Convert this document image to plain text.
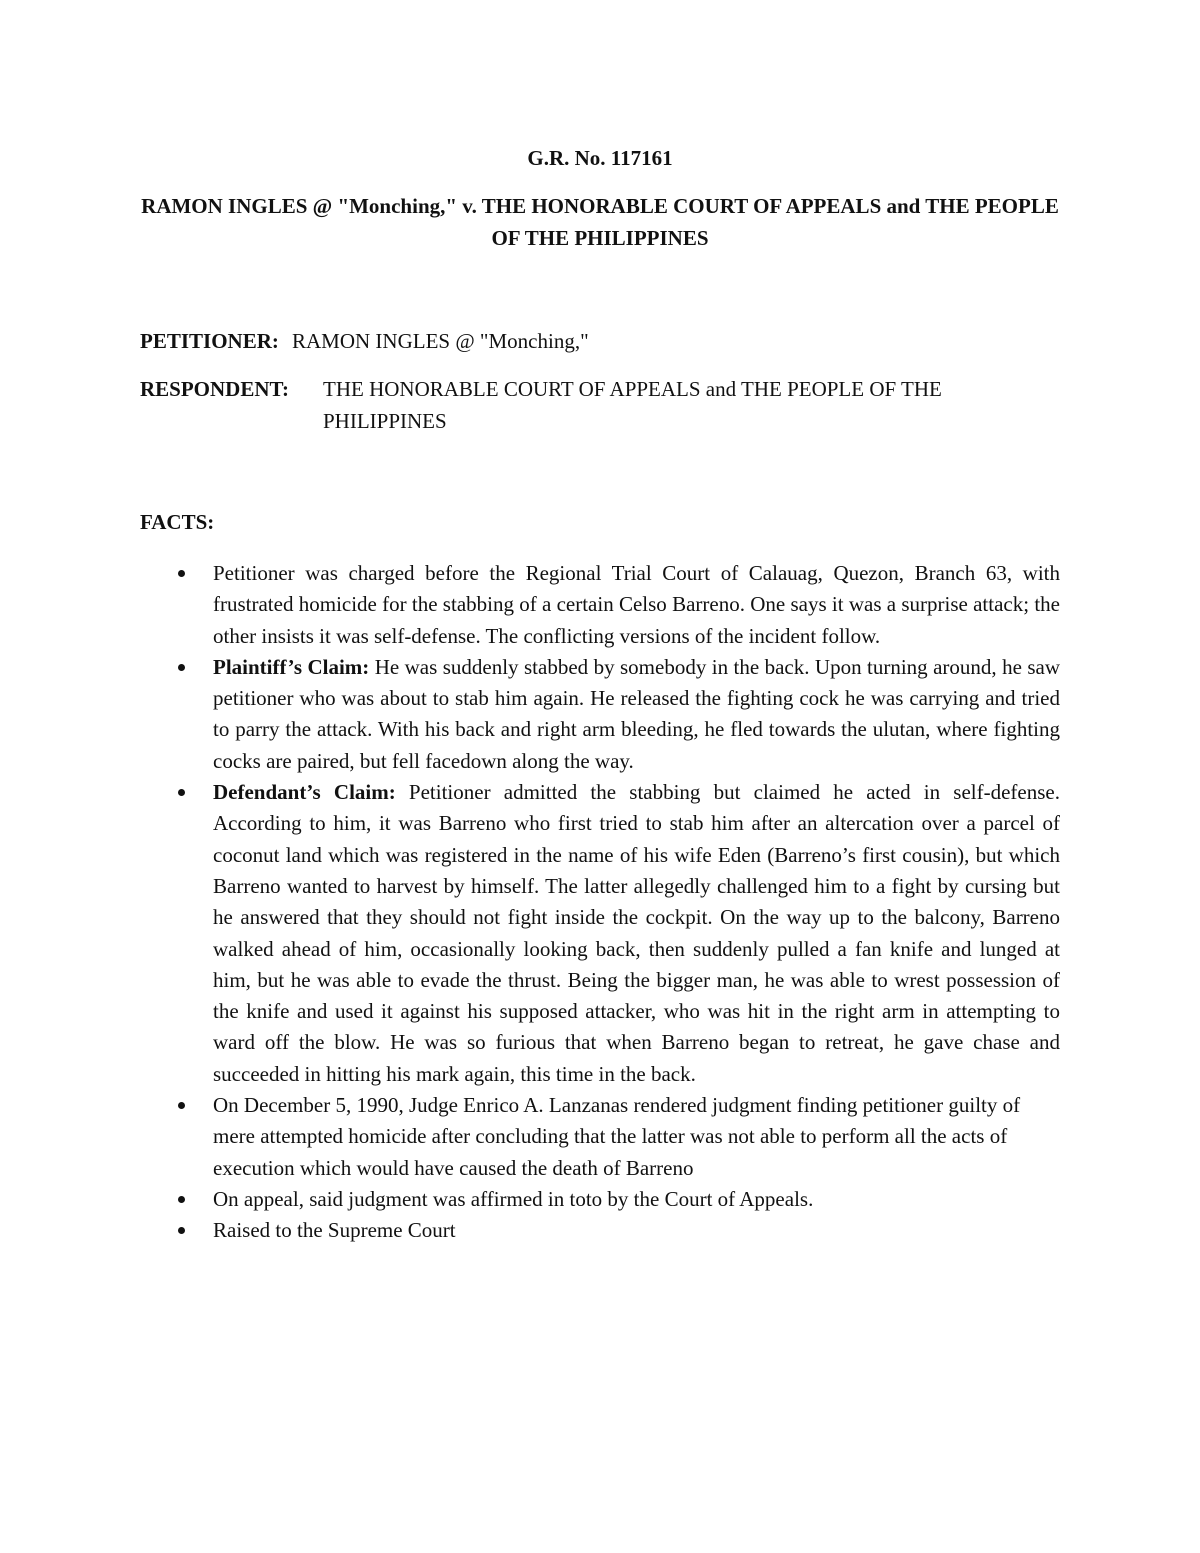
G.R. No. 117161

RAMON INGLES @ "Monching," v. THE HONORABLE COURT OF APPEALS and THE PEOPLE OF THE PHILIPPINES

PETITIONER: RAMON INGLES @ "Monching,"
RESPONDENT: THE HONORABLE COURT OF APPEALS and THE PEOPLE OF THE PHILIPPINES

FACTS:

Petitioner was charged before the Regional Trial Court of Calauag, Quezon, Branch 63, with frustrated homicide for the stabbing of a certain Celso Barreno. One says it was a surprise attack; the other insists it was self-defense. The conflicting versions of the incident follow.
Plaintiff’s Claim: He was suddenly stabbed by somebody in the back. Upon turning around, he saw petitioner who was about to stab him again. He released the fighting cock he was carrying and tried to parry the attack. With his back and right arm bleeding, he fled towards the ulutan, where fighting cocks are paired, but fell facedown along the way.
Defendant’s Claim: Petitioner admitted the stabbing but claimed he acted in self-defense. According to him, it was Barreno who first tried to stab him after an altercation over a parcel of coconut land which was registered in the name of his wife Eden (Barreno’s first cousin), but which Barreno wanted to harvest by himself. The latter allegedly challenged him to a fight by cursing but he answered that they should not fight inside the cockpit. On the way up to the balcony, Barreno walked ahead of him, occasionally looking back, then suddenly pulled a fan knife and lunged at him, but he was able to evade the thrust. Being the bigger man, he was able to wrest possession of the knife and used it against his supposed attacker, who was hit in the right arm in attempting to ward off the blow. He was so furious that when Barreno began to retreat, he gave chase and succeeded in hitting his mark again, this time in the back.
On December 5, 1990, Judge Enrico A. Lanzanas rendered judgment finding petitioner guilty of mere attempted homicide after concluding that the latter was not able to perform all the acts of execution which would have caused the death of Barreno
On appeal, said judgment was affirmed in toto by the Court of Appeals.
Raised to the Supreme Court
